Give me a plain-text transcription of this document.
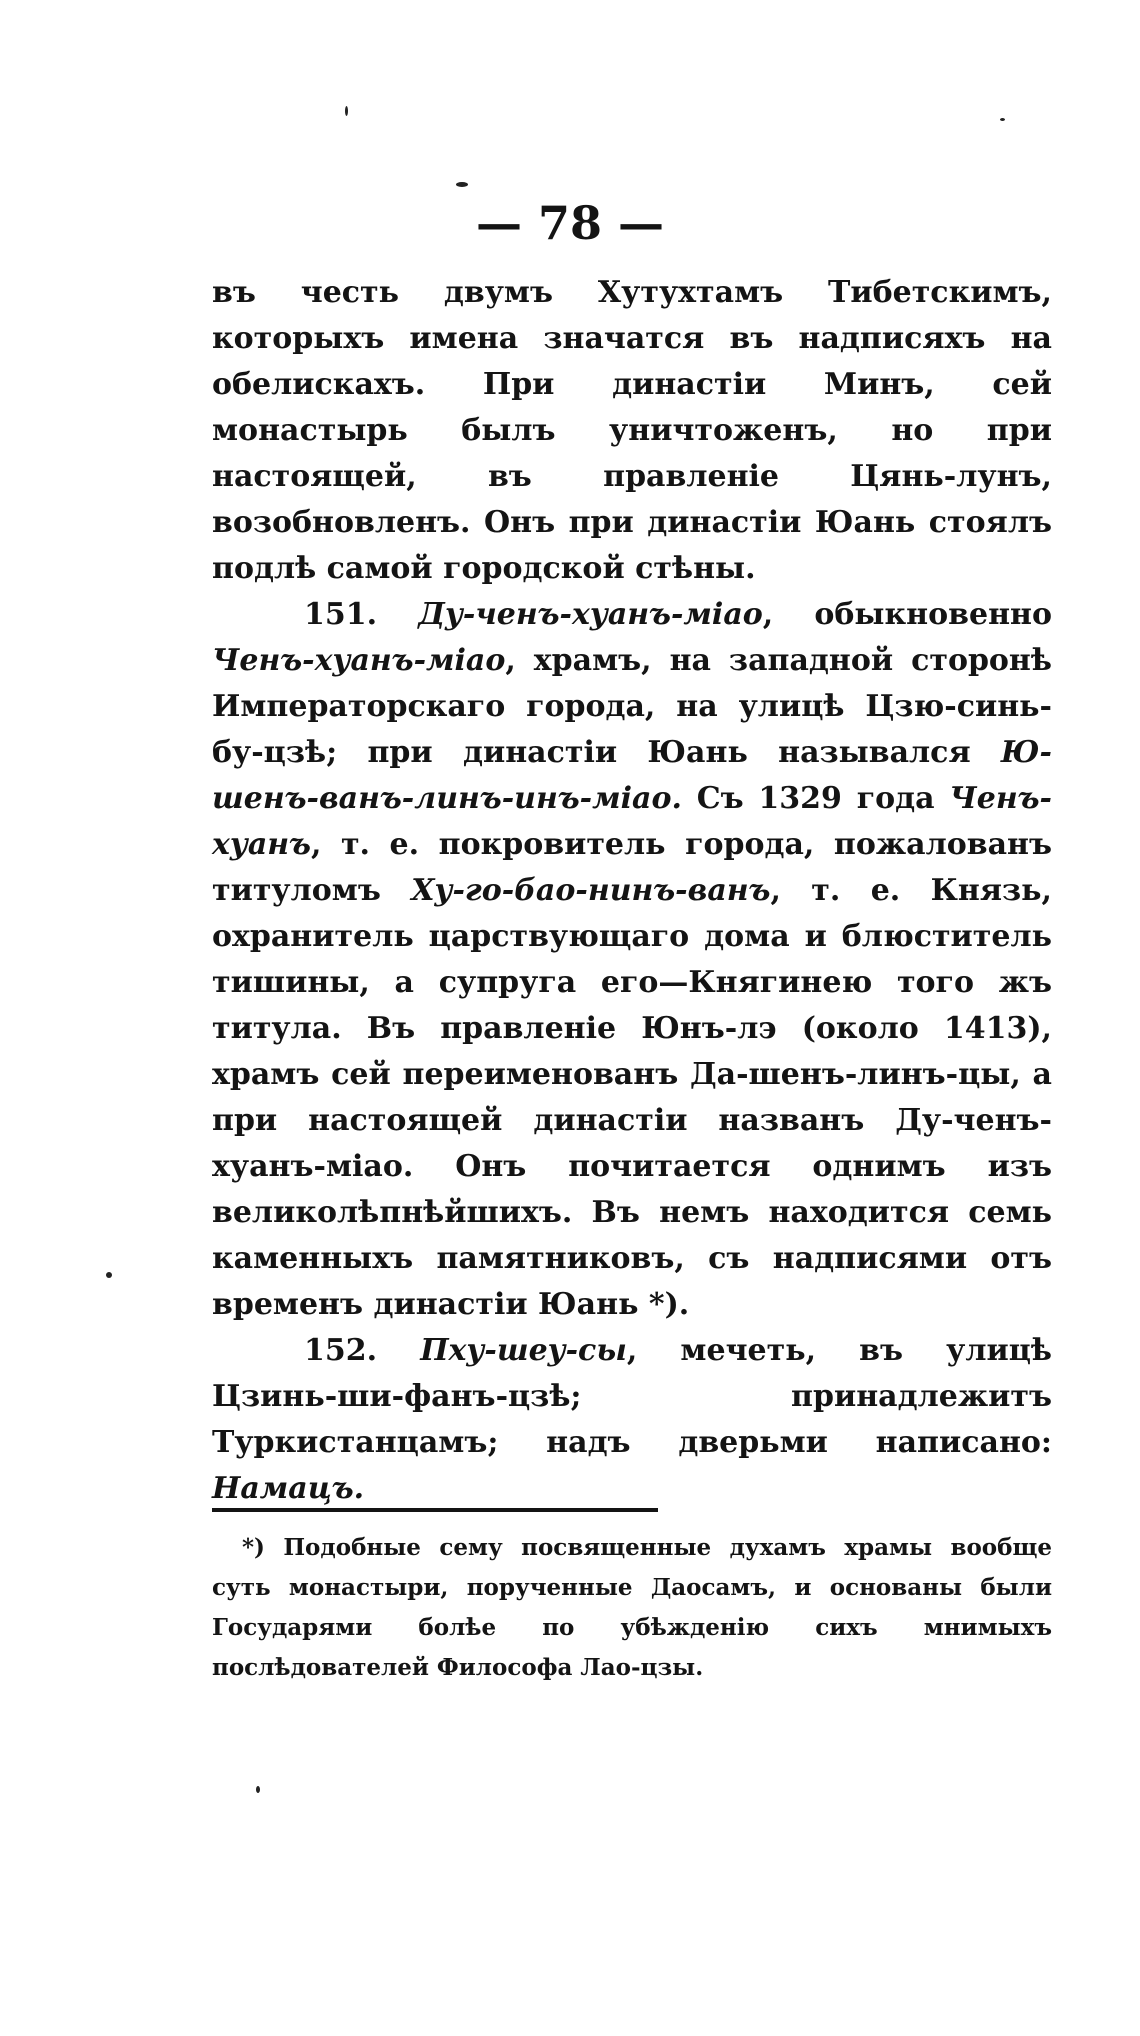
— 78 —

въ честь двумъ Хутухтамъ Тибетскимъ, которыхъ имена значатся въ надписяхъ на обелискахъ. При династіи Минъ, сей монастырь былъ уничтоженъ, но при настоящей, въ правленіе Цянь-лунъ, возобновленъ. Онъ при династіи Юань стоялъ подлѣ самой городской стѣны.

151. Ду-ченъ-хуанъ-міао, обыкновенно Ченъ-хуанъ-міао, храмъ, на западной сторонѣ Императорскаго города, на улицѣ Цзю-синь-бу-цзѣ; при династіи Юань назывался Ю-шенъ-ванъ-линъ-инъ-міао. Съ 1329 года Ченъ-хуанъ, т. е. покровитель города, пожалованъ титуломъ Ху-го-бао-нинъ-ванъ, т. е. Князь, охранитель царствующаго дома и блюститель тишины, а супруга его—Княгинею того жъ титула. Въ правленіе Юнъ-лэ (около 1413), храмъ сей переименованъ Да-шенъ-линъ-цы, а при настоящей династіи названъ Ду-ченъ-хуанъ-міао. Онъ почитается однимъ изъ великолѣпнѣйшихъ. Въ немъ находится семь каменныхъ памятниковъ, съ надписями отъ временъ династіи Юань *).

152. Пху-шеу-сы, мечеть, въ улицѣ Цзинь-ши-фанъ-цзѣ; принадлежитъ Туркистанцамъ; надъ дверьми написано: Намацъ.

*) Подобные сему посвященные духамъ храмы вообще суть монастыри, порученные Даосамъ, и основаны были Государями болѣе по убѣжденію сихъ мнимыхъ послѣдователей Философа Лао-цзы.
